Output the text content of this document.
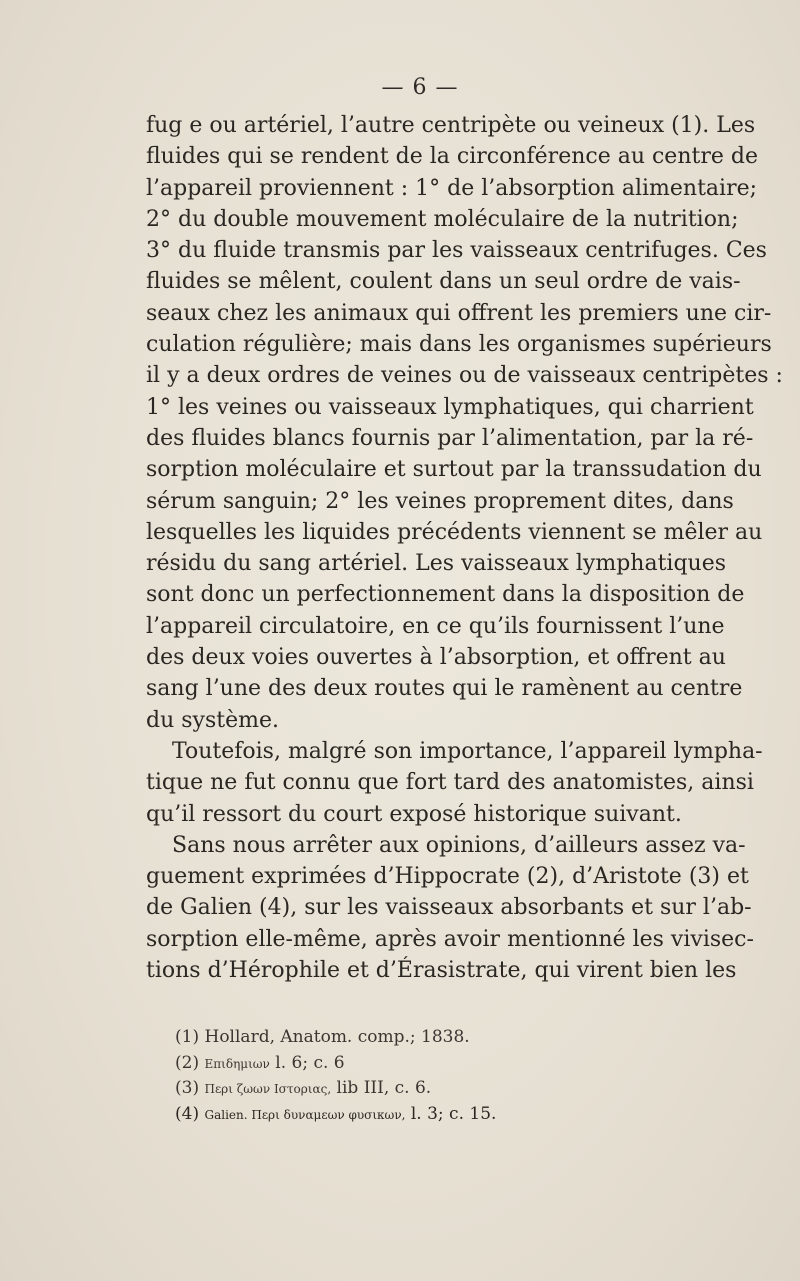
— 6 —
fug e ou artériel, l’autre centripète ou veineux (1). Les
fluides qui se rendent de la circonférence au centre de
l’appareil proviennent : 1° de l’absorption alimentaire;
2° du double mouvement moléculaire de la nutrition;
3° du fluide transmis par les vaisseaux centrifuges. Ces
fluides se mêlent, coulent dans un seul ordre de vais-
seaux chez les animaux qui offrent les premiers une cir-
culation régulière; mais dans les organismes supérieurs
il y a deux ordres de veines ou de vaisseaux centripètes :
1° les veines ou vaisseaux lymphatiques, qui charrient
des fluides blancs fournis par l’alimentation, par la ré-
sorption moléculaire et surtout par la transsudation du
sérum sanguin; 2° les veines proprement dites, dans
lesquelles les liquides précédents viennent se mêler au
résidu du sang artériel. Les vaisseaux lymphatiques
sont donc un perfectionnement dans la disposition de
l’appareil circulatoire, en ce qu’ils fournissent l’une
des deux voies ouvertes à l’absorption, et offrent au
sang l’une des deux routes qui le ramènent au centre
du système.
Toutefois, malgré son importance, l’appareil lympha-
tique ne fut connu que fort tard des anatomistes, ainsi
qu’il ressort du court exposé historique suivant.
Sans nous arrêter aux opinions, d’ailleurs assez va-
guement exprimées d’Hippocrate (2), d’Aristote (3) et
de Galien (4), sur les vaisseaux absorbants et sur l’ab-
sorption elle-même, après avoir mentionné les vivisec-
tions d’Hérophile et d’Érasistrate, qui virent bien les
(1) Hollard, Anatom. comp.; 1838.
(2) Επιδημιων l. 6; c. 6
(3) Περι ζωων Ιστοριας, lib III, c. 6.
(4) Galien. Περι δυναμεων φυσικων, l. 3; c. 15.
